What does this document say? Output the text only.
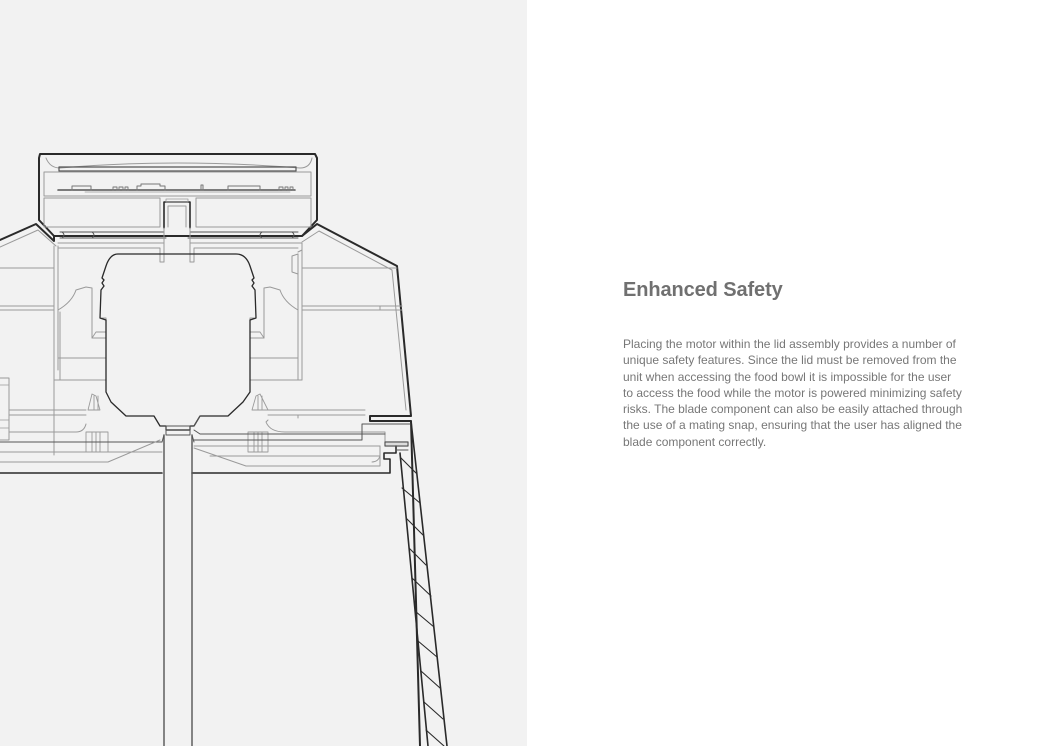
Enhanced Safety

Placing the motor within the lid assembly provides a number of unique safety features. Since the lid must be removed from the unit when accessing the food bowl it is impossible for the user to access the food while the motor is powered minimizing safety risks. The blade component can also be easily attached through the use of a mating snap, ensuring that the user has aligned the blade component correctly.
